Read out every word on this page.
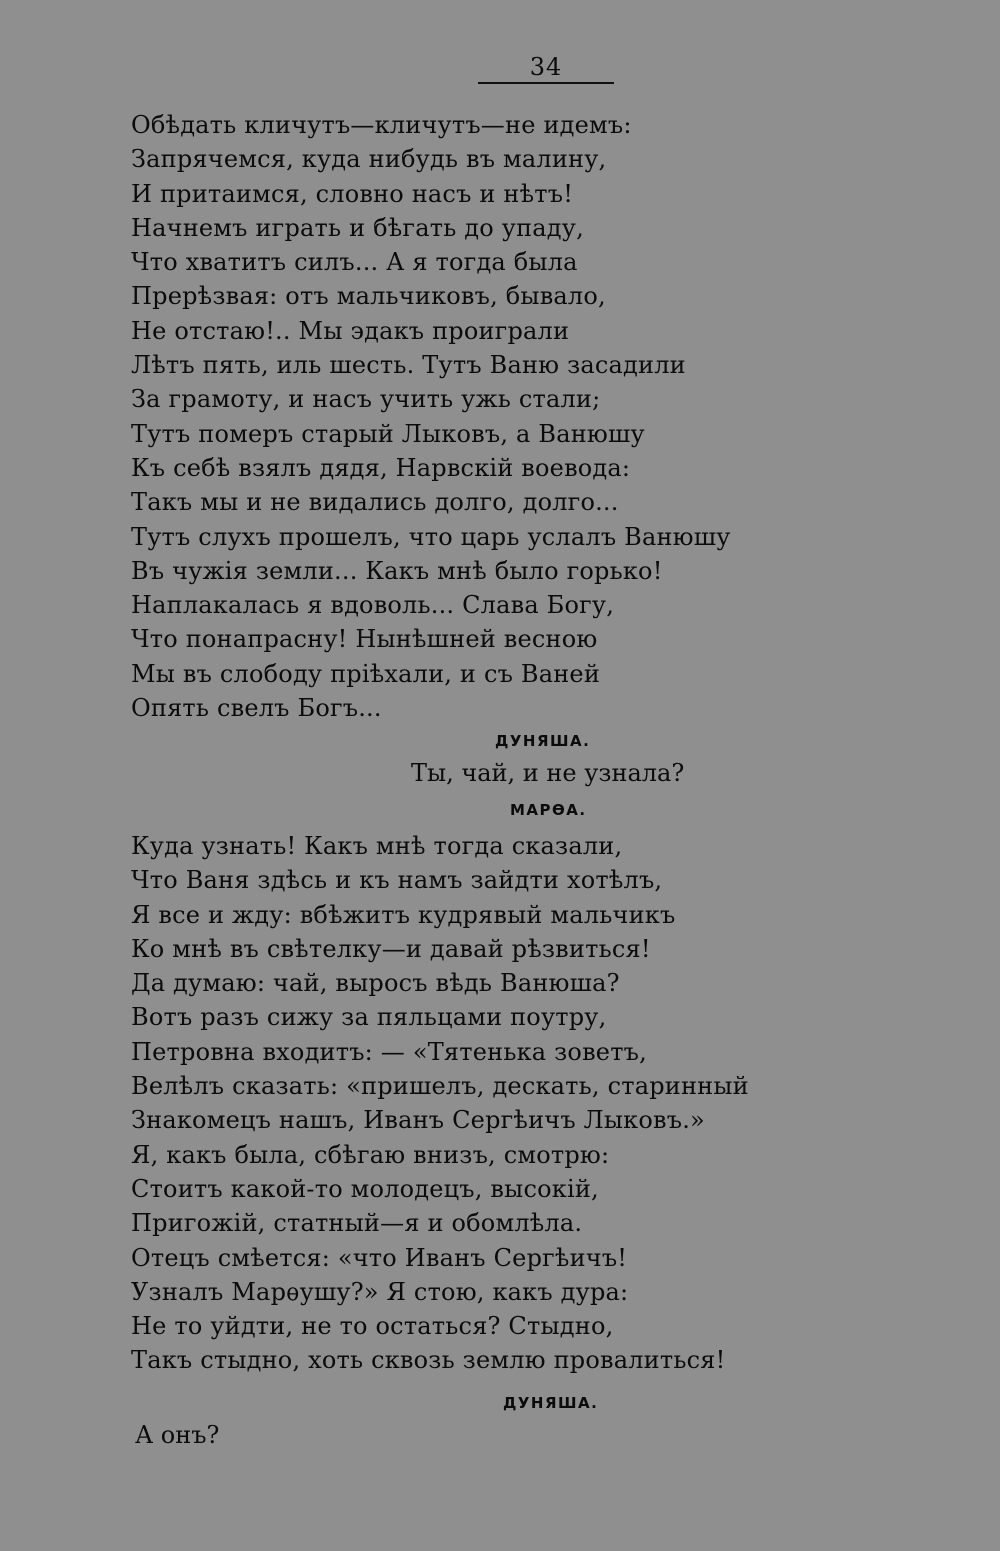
34
Обѣдать кличутъ—кличутъ—не идемъ:
Запрячемся, куда нибудь въ малину,
И притаимся, словно насъ и нѣтъ!
Начнемъ играть и бѣгать до упаду,
Что хватитъ силъ... А я тогда была
Прерѣзвая: отъ мальчиковъ, бывало,
Не отстаю!.. Мы эдакъ проиграли
Лѣтъ пять, иль шесть. Тутъ Ваню засадили
За грамоту, и насъ учить ужь стали;
Тутъ померъ старый Лыковъ, а Ванюшу
Къ себѣ взялъ дядя, Нарвскій воевода:
Такъ мы и не видались долго, долго...
Тутъ слухъ прошелъ, что царь услалъ Ванюшу
Въ чужія земли... Какъ мнѣ было горько!
Наплакалась я вдоволь... Слава Богу,
Что понапрасну! Нынѣшней весною
Мы въ слободу пріѣхали, и съ Ваней
Опять свелъ Богъ...
ДУНЯША.
Ты, чай, и не узнала?
МАРѲА.
Куда узнать! Какъ мнѣ тогда сказали,
Что Ваня здѣсь и къ намъ зайдти хотѣлъ,
Я все и жду: вбѣжитъ кудрявый мальчикъ
Ко мнѣ въ свѣтелку—и давай рѣзвиться!
Да думаю: чай, выросъ вѣдь Ванюша?
Вотъ разъ сижу за пяльцами поутру,
Петровна входитъ: — «Тятенька зоветъ,
Велѣлъ сказать: «пришелъ, дескать, старинный
Знакомецъ нашъ, Иванъ Сергѣичъ Лыковъ.»
Я, какъ была, сбѣгаю внизъ, смотрю:
Стоитъ какой-то молодецъ, высокій,
Пригожій, статный—я и обомлѣла.
Отецъ смѣется: «что Иванъ Сергѣичъ!
Узналъ Марѳушу?» Я стою, какъ дура:
Не то уйдти, не то остаться? Стыдно,
Такъ стыдно, хоть сквозь землю провалиться!
ДУНЯША.
А онъ?
